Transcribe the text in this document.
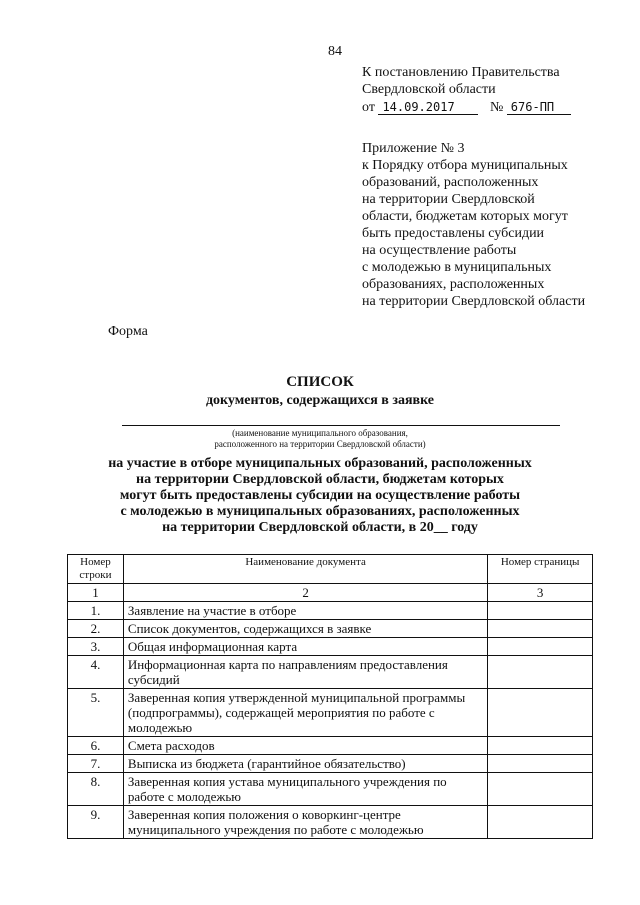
84
К постановлению Правительства
Свердловской области
от 14.09.2017	№ 676-ПП
Приложение № 3
к Порядку отбора муниципальных
образований, расположенных
на территории Свердловской
области, бюджетам которых могут
быть предоставлены субсидии
на осуществление работы
с молодежью в муниципальных
образованиях, расположенных
на территории Свердловской области
Форма
СПИСОК
документов, содержащихся в заявке
(наименование муниципального образования,
расположенного на территории Свердловской области)
на участие в отборе муниципальных образований, расположенных
на территории Свердловской области, бюджетам которых
могут быть предоставлены субсидии на осуществление работы
с молодежью в муниципальных образованиях, расположенных
на территории Свердловской области, в 20__ году
Номер строки	Наименование документа	Номер страницы
1	2	3
1.	Заявление на участие в отборе	
2.	Список документов, содержащихся в заявке	
3.	Общая информационная карта	
4.	Информационная карта по направлениям предоставления субсидий	
5.	Заверенная копия утвержденной муниципальной программы (подпрограммы), содержащей мероприятия по работе с молодежью	
6.	Смета расходов	
7.	Выписка из бюджета (гарантийное обязательство)	
8.	Заверенная копия устава муниципального учреждения по работе с молодежью	
9.	Заверенная копия положения о коворкинг-центре муниципального учреждения по работе с молодежью	
